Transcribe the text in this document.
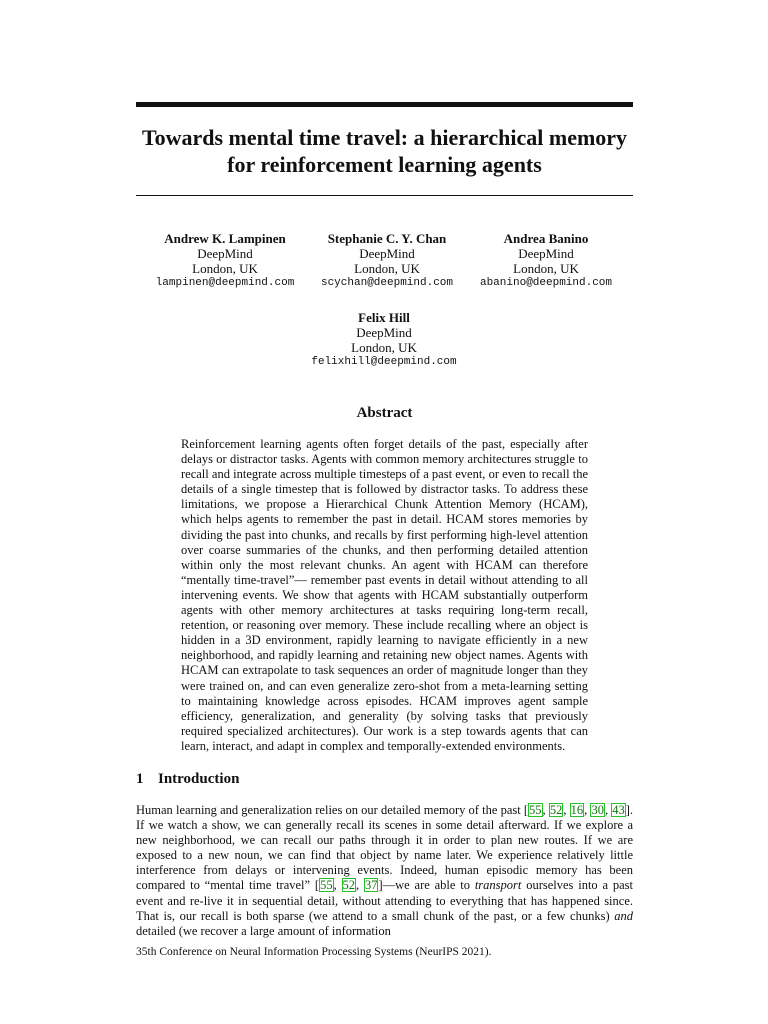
Towards mental time travel: a hierarchical memory
for reinforcement learning agents
Andrew K. Lampinen
DeepMind
London, UK
lampinen@deepmind.com
Stephanie C. Y. Chan
DeepMind
London, UK
scychan@deepmind.com
Andrea Banino
DeepMind
London, UK
abanino@deepmind.com
Felix Hill
DeepMind
London, UK
felixhill@deepmind.com
Abstract
Reinforcement learning agents often forget details of the past, especially after delays or distractor tasks. Agents with common memory architectures struggle to recall and integrate across multiple timesteps of a past event, or even to recall the details of a single timestep that is followed by distractor tasks. To address these limitations, we propose a Hierarchical Chunk Attention Memory (HCAM), which helps agents to remember the past in detail. HCAM stores memories by dividing the past into chunks, and recalls by first performing high-level attention over coarse summaries of the chunks, and then performing detailed attention within only the most relevant chunks. An agent with HCAM can therefore “mentally time-travel”— remember past events in detail without attending to all intervening events. We show that agents with HCAM substantially outperform agents with other memory architectures at tasks requiring long-term recall, retention, or reasoning over memory. These include recalling where an object is hidden in a 3D environment, rapidly learning to navigate efficiently in a new neighborhood, and rapidly learning and retaining new object names. Agents with HCAM can extrapolate to task sequences an order of magnitude longer than they were trained on, and can even generalize zero-shot from a meta-learning setting to maintaining knowledge across episodes. HCAM improves agent sample efficiency, generalization, and generality (by solving tasks that previously required specialized architectures). Our work is a step towards agents that can learn, interact, and adapt in complex and temporally-extended environments.
1 Introduction
Human learning and generalization relies on our detailed memory of the past [55, 52, 16, 30, 43]. If we watch a show, we can generally recall its scenes in some detail afterward. If we explore a new neighborhood, we can recall our paths through it in order to plan new routes. If we are exposed to a new noun, we can find that object by name later. We experience relatively little interference from delays or intervening events. Indeed, human episodic memory has been compared to “mental time travel” [55, 52, 37]—we are able to transport ourselves into a past event and re-live it in sequential detail, without attending to everything that has happened since. That is, our recall is both sparse (we attend to a small chunk of the past, or a few chunks) and detailed (we recover a large amount of information
35th Conference on Neural Information Processing Systems (NeurIPS 2021).
